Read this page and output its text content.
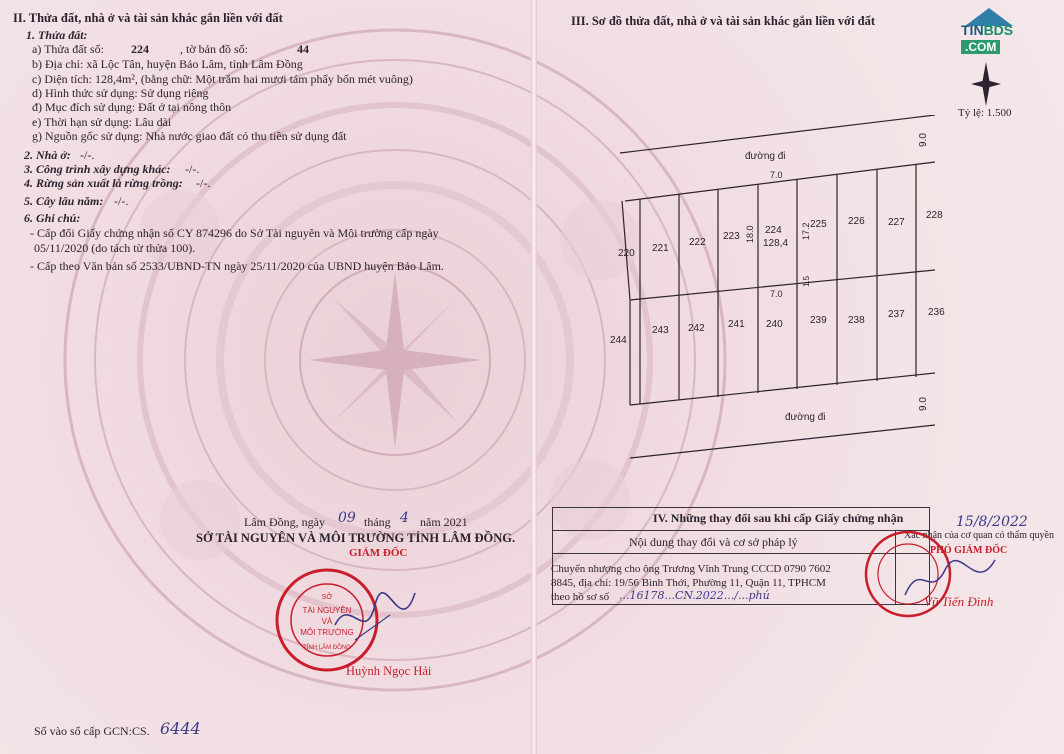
II. Thửa đất, nhà ở và tài sản khác gắn liền với đất
1. Thửa đất:
a) Thửa đất số: 224	, tờ bản đồ số:	44
b) Địa chỉ: xã Lộc Tân, huyện Bảo Lâm, tỉnh Lâm Đồng
c) Diện tích: 128,4m², (bằng chữ: Một trăm hai mươi tám phẩy bốn mét vuông)
d) Hình thức sử dụng: Sử dụng riêng
đ) Mục đích sử dụng: Đất ở tại nông thôn
e) Thời hạn sử dụng: Lâu dài
g) Nguồn gốc sử dụng: Nhà nước giao đất có thu tiền sử dụng đất
2. Nhà ở: -/-.
3. Công trình xây dựng khác: -/-.
4. Rừng sản xuất là rừng trồng: -/-.
5. Cây lâu năm: -/-.
6. Ghi chú:
- Cấp đổi Giấy chứng nhận số CY 874296 do Sở Tài nguyên và Môi trường cấp ngày
05/11/2020 (do tách từ thửa 100).
- Cấp theo Văn bản số 2533/UBND-TN ngày 25/11/2020 của UBND huyện Bảo Lâm.
Lâm Đồng, ngày 09 tháng 4 năm 2021
SỞ TÀI NGUYÊN VÀ MÔI TRƯỜNG TỈNH LÂM ĐỒNG.
GIÁM ĐỐC
SỞ
TÀI NGUYÊN
VÀ
MÔI TRƯỜNG
TỈNH LÂM ĐỒNG
Huỳnh Ngọc Hải
Số vào sổ cấp GCN:CS. 6444
III. Sơ đồ thửa đất, nhà ở và tài sản khác gắn liền với đất
TINBDS
.COM
Tỷ lệ: 1.500
đường đi
đường đi
9.0
9.0
7.0
7.0
18.0	17.2
1.5
220 221
222
223
224
128,4
225 226 227
228
244
243 242 241 240	239 238
237 236
IV. Những thay đổi sau khi cấp Giấy chứng nhận
Nội dung thay đổi và cơ sở pháp lý
Chuyển nhượng cho ông Trương Vĩnh Trung CCCD 0790 7602
8845, địa chỉ: 19/56 Bình Thới, Phường 11, Quận 11, TPHCM
theo hồ sơ số ...16178...CN.2022.../...phú
Xác nhận của cơ quan có thẩm quyền
15/8/2022
PHÓ GIÁM ĐỐC
Vũ Tiến Đình
